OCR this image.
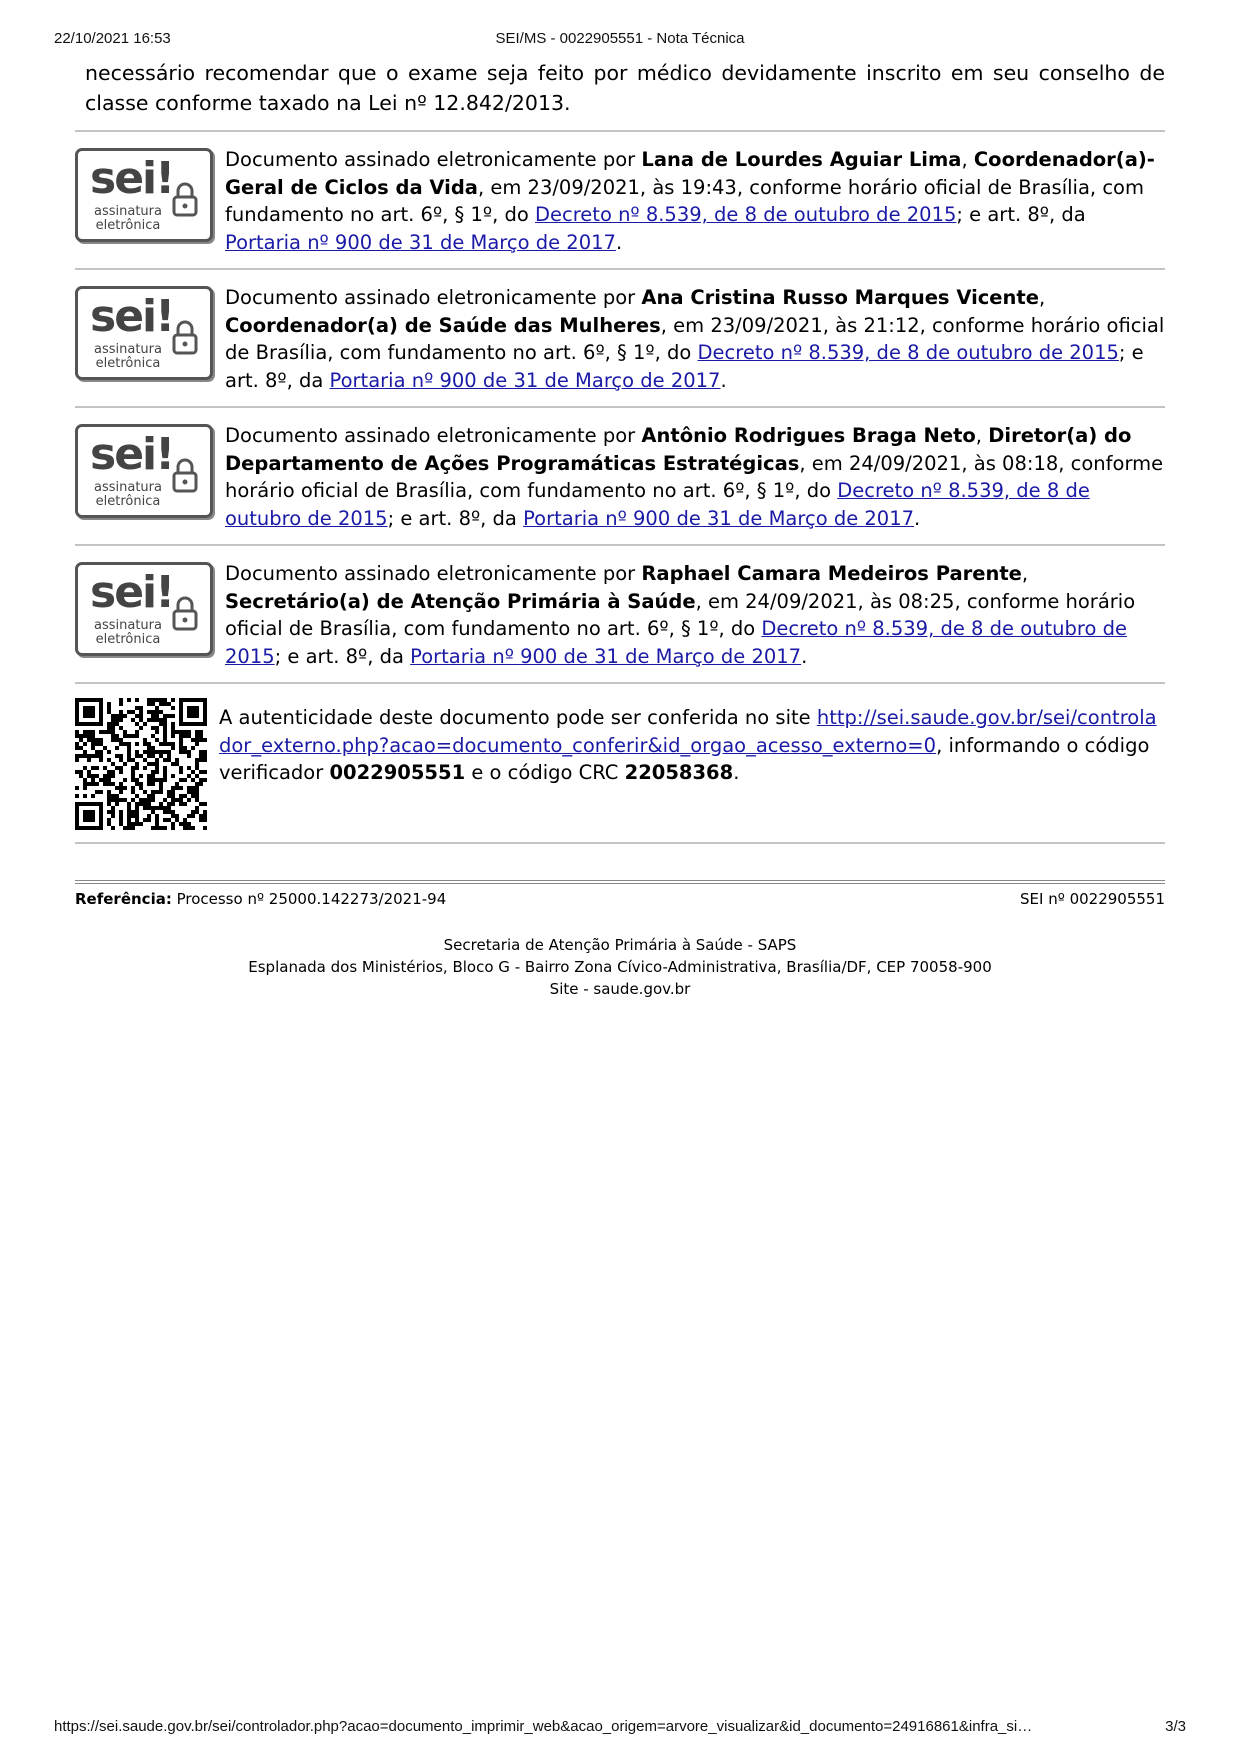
22/10/2021 16:53	SEI/MS - 0022905551 - Nota Técnica

necessário recomendar que o exame seja feito por médico devidamente inscrito em seu conselho de classe conforme taxado na Lei nº 12.842/2013.

sei!
assinatura
eletrônica
Documento assinado eletronicamente por Lana de Lourdes Aguiar Lima, Coordenador(a)-Geral de Ciclos da Vida, em 23/09/2021, às 19:43, conforme horário oficial de Brasília, com fundamento no art. 6º, § 1º, do Decreto nº 8.539, de 8 de outubro de 2015; e art. 8º, da Portaria nº 900 de 31 de Março de 2017.
sei!
assinatura
eletrônica
Documento assinado eletronicamente por Ana Cristina Russo Marques Vicente, Coordenador(a) de Saúde das Mulheres, em 23/09/2021, às 21:12, conforme horário oficial de Brasília, com fundamento no art. 6º, § 1º, do Decreto nº 8.539, de 8 de outubro de 2015; e art. 8º, da Portaria nº 900 de 31 de Março de 2017.
sei!
assinatura
eletrônica
Documento assinado eletronicamente por Antônio Rodrigues Braga Neto, Diretor(a) do Departamento de Ações Programáticas Estratégicas, em 24/09/2021, às 08:18, conforme horário oficial de Brasília, com fundamento no art. 6º, § 1º, do Decreto nº 8.539, de 8 de outubro de 2015; e art. 8º, da Portaria nº 900 de 31 de Março de 2017.
sei!
assinatura
eletrônica
Documento assinado eletronicamente por Raphael Camara Medeiros Parente, Secretário(a) de Atenção Primária à Saúde, em 24/09/2021, às 08:25, conforme horário oficial de Brasília, com fundamento no art. 6º, § 1º, do Decreto nº 8.539, de 8 de outubro de 2015; e art. 8º, da Portaria nº 900 de 31 de Março de 2017.
A autenticidade deste documento pode ser conferida no site http://sei.saude.gov.br/sei/controlador_externo.php?acao=documento_conferir&id_orgao_acesso_externo=0, informando o código verificador 0022905551 e o código CRC 22058368.
Referência: Processo nº 25000.142273/2021-94	SEI nº 0022905551
Secretaria de Atenção Primária à Saúde - SAPS
Esplanada dos Ministérios, Bloco G - Bairro Zona Cívico-Administrativa, Brasília/DF, CEP 70058-900
Site - saude.gov.br
https://sei.saude.gov.br/sei/controlador.php?acao=documento_imprimir_web&acao_origem=arvore_visualizar&id_documento=24916861&infra_si…	3/3
